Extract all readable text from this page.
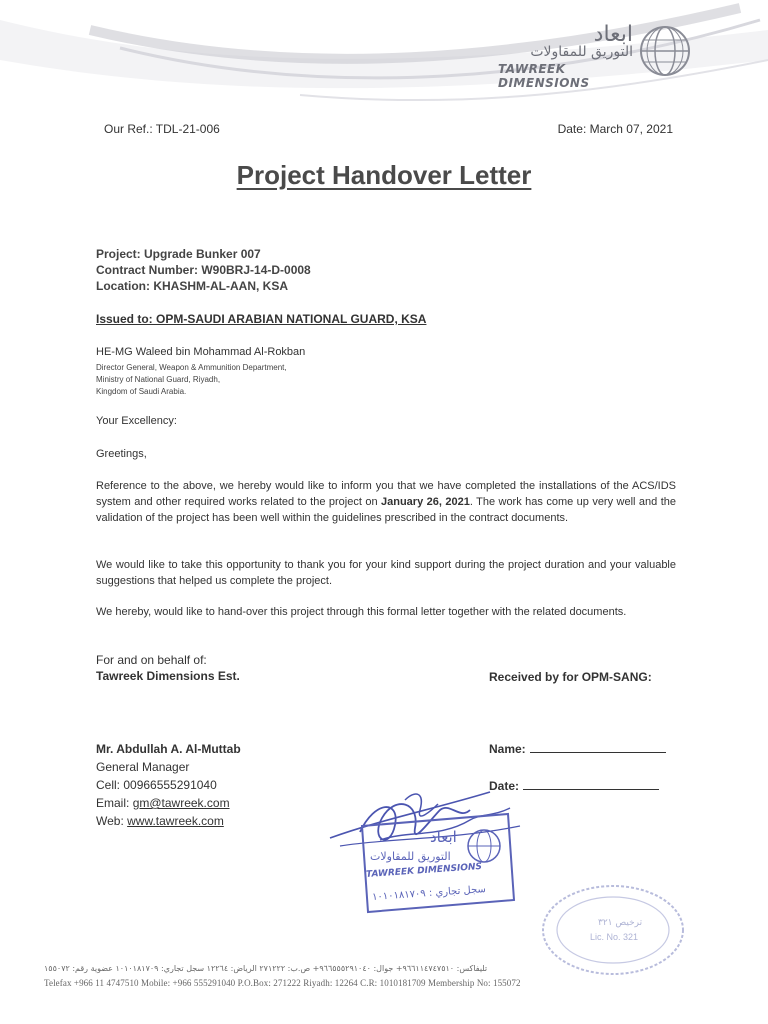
ابعاد
التوريق للمقاولات
TAWREEK DIMENSIONS
Our Ref.: TDL-21-006	Date: March 07, 2021
Project Handover Letter
Project: Upgrade Bunker 007
Contract Number: W90BRJ-14-D-0008
Location: KHASHM-AL-AAN, KSA
Issued to: OPM-SAUDI ARABIAN NATIONAL GUARD, KSA
HE-MG Waleed bin Mohammad Al-Rokban
Director General, Weapon & Ammunition Department,
Ministry of National Guard, Riyadh,
Kingdom of Saudi Arabia.
Your Excellency:
Greetings,
Reference to the above, we hereby would like to inform you that we have completed the installations of the ACS/IDS system and other required works related to the project on January 26, 2021. The work has come up very well and the validation of the project has been well within the guidelines prescribed in the contract documents.
We would like to take this opportunity to thank you for your kind support during the project duration and your valuable suggestions that helped us complete the project.
We hereby, would like to hand-over this project through this formal letter together with the related documents.
For and on behalf of:
Tawreek Dimensions Est.	Received by for OPM-SANG:
Mr. Abdullah A. Al-Muttab
General Manager
Cell: 00966555291040
Email: gm@tawreek.com
Web: www.tawreek.com
Name:
Date:
ابعاد
التوريق للمقاولات
TAWREEK DIMENSIONS
سجل تجاري : ١٠١٠١٨١٧٠٩
ترخيص ٣٢١
Lic. No. 321
تليفاكس: ٩٦٦١١٤٧٤٧٥١٠+ جوال: ٩٦٦٥٥٥٢٩١٠٤٠+ ص.ب: ٢٧١٢٢٢ الرياض: ١٢٢٦٤ سجل تجاري: ١٠١٠١٨١٧٠٩ عضوية رقم: ١٥٥٠٧٢
Telefax +966 11 4747510 Mobile: +966 555291040 P.O.Box: 271222 Riyadh: 12264 C.R: 1010181709 Membership No: 155072
